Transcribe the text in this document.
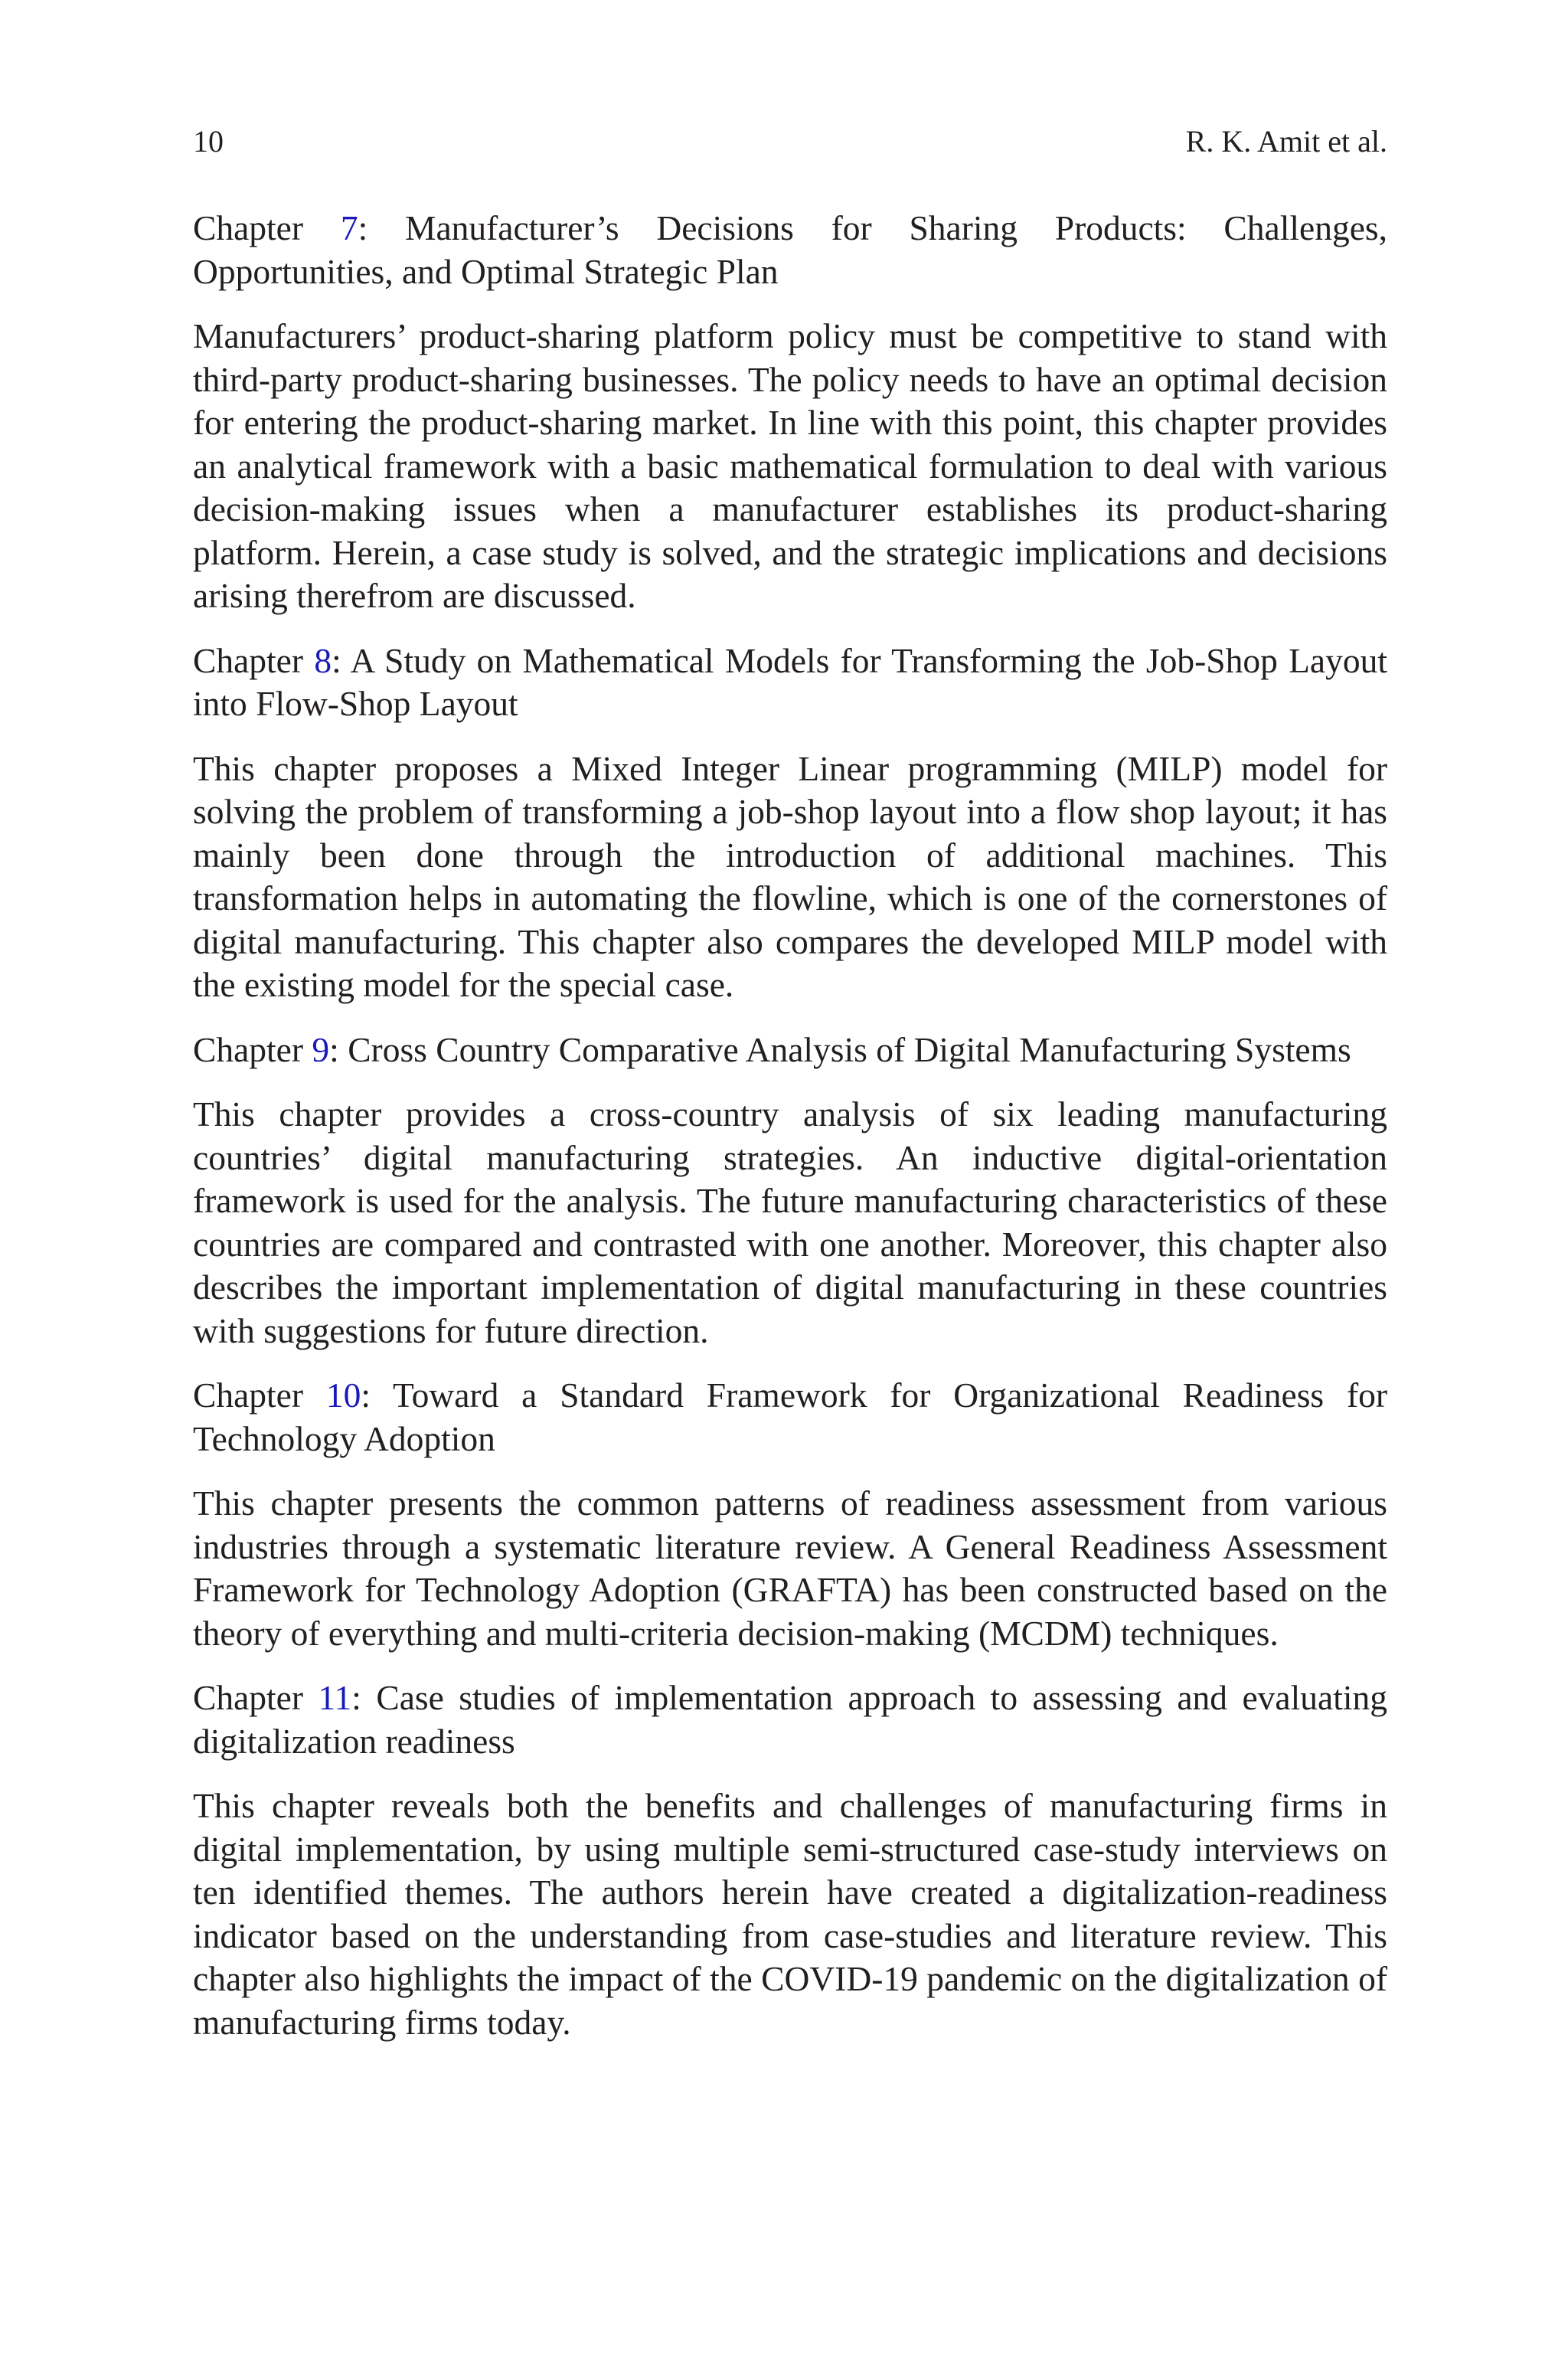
10	R. K. Amit et al.

Chapter 7: Manufacturer’s Decisions for Sharing Products: Challenges, Opportunities, and Optimal Strategic Plan

Manufacturers’ product-sharing platform policy must be competitive to stand with third-party product-sharing businesses. The policy needs to have an optimal decision for entering the product-sharing market. In line with this point, this chapter provides an analytical framework with a basic mathematical formulation to deal with various decision-making issues when a manufacturer establishes its product-sharing platform. Herein, a case study is solved, and the strategic implications and decisions arising therefrom are discussed.

Chapter 8: A Study on Mathematical Models for Transforming the Job-Shop Layout into Flow-Shop Layout

This chapter proposes a Mixed Integer Linear programming (MILP) model for solving the problem of transforming a job-shop layout into a flow shop layout; it has mainly been done through the introduction of additional machines. This transformation helps in automating the flowline, which is one of the cornerstones of digital manufacturing. This chapter also compares the developed MILP model with the existing model for the special case.

Chapter 9: Cross Country Comparative Analysis of Digital Manufacturing Systems

This chapter provides a cross-country analysis of six leading manufacturing countries’ digital manufacturing strategies. An inductive digital-orientation framework is used for the analysis. The future manufacturing characteristics of these countries are compared and contrasted with one another. Moreover, this chapter also describes the important implementation of digital manufacturing in these countries with suggestions for future direction.

Chapter 10: Toward a Standard Framework for Organizational Readiness for Technology Adoption

This chapter presents the common patterns of readiness assessment from various industries through a systematic literature review. A General Readiness Assessment Framework for Technology Adoption (GRAFTA) has been constructed based on the theory of everything and multi-criteria decision-making (MCDM) techniques.

Chapter 11: Case studies of implementation approach to assessing and evaluating digitalization readiness

This chapter reveals both the benefits and challenges of manufacturing firms in digital implementation, by using multiple semi-structured case-study interviews on ten identified themes. The authors herein have created a digitalization-readiness indicator based on the understanding from case-studies and literature review. This chapter also highlights the impact of the COVID-19 pandemic on the digitalization of manufacturing firms today.
